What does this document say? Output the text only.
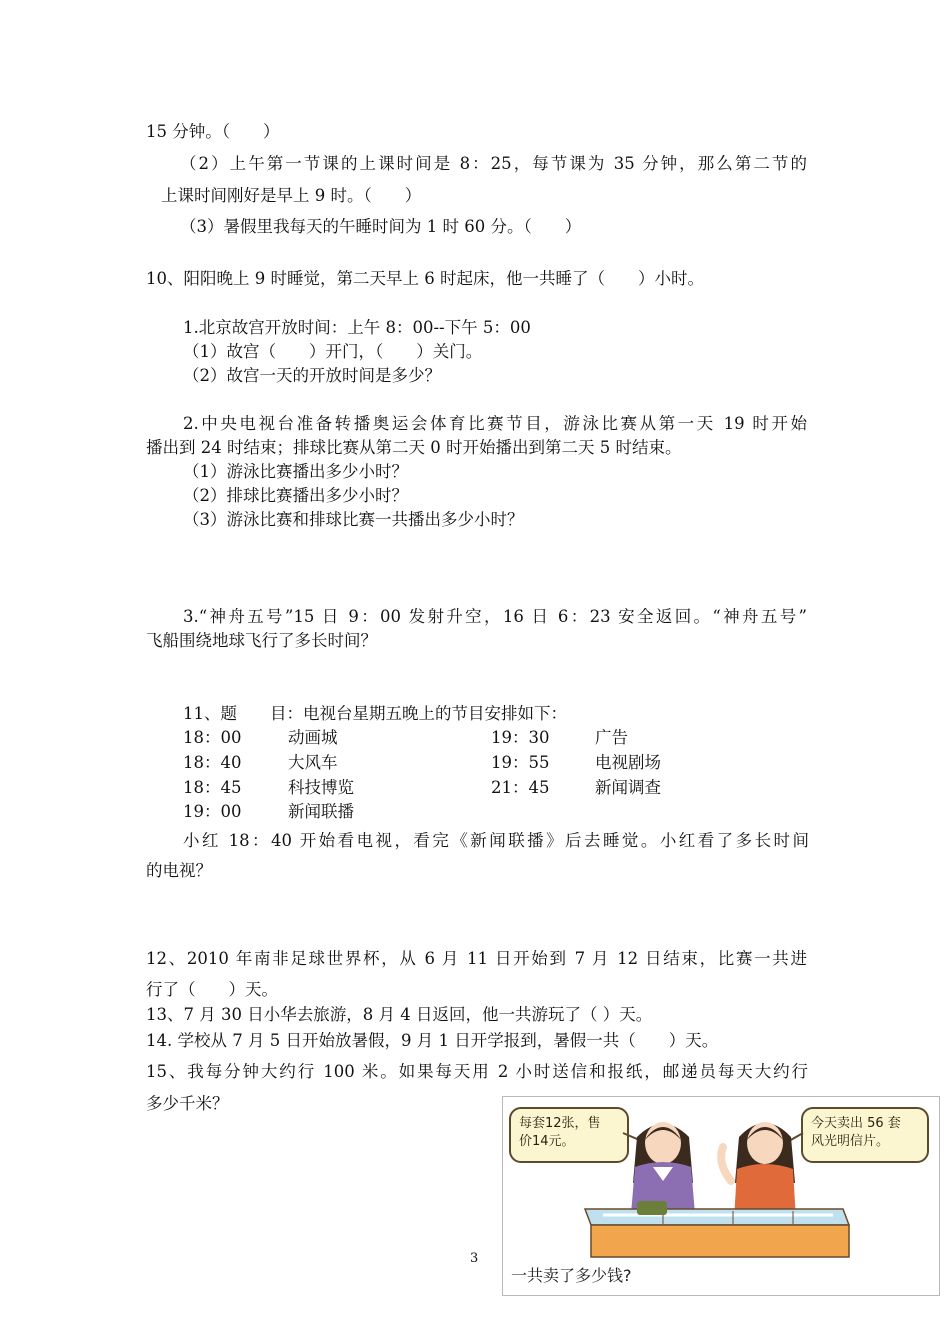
15 分钟。（　　）
（2）上午第一节课的上课时间是 8：25，每节课为 35 分钟，那么第二节的
上课时间刚好是早上 9 时。（　　）
（3）暑假里我每天的午睡时间为 1 时 60 分。（　　）
10、阳阳晚上 9 时睡觉，第二天早上 6 时起床，他一共睡了（　　）小时。
1.北京故宫开放时间：上午 8：00--下午 5：00
（1）故宫（　　）开门，（　　）关门。
（2）故宫一天的开放时间是多少？
2.中央电视台准备转播奥运会体育比赛节目，游泳比赛从第一天 19 时开始
播出到 24 时结束；排球比赛从第二天 0 时开始播出到第二天 5 时结束。
（1）游泳比赛播出多少小时？
（2）排球比赛播出多少小时？
（3）游泳比赛和排球比赛一共播出多少小时？
3.“神舟五号”15 日 9：00 发射升空，16 日 6：23 安全返回。“神舟五号”
飞船围绕地球飞行了多长时间？
11、题　　目：电视台星期五晚上的节目安排如下：
18：00	动画城
18：40	大风车
18：45	科技博览
19：00	新闻联播
19：30	广告
19：55	电视剧场
21：45	新闻调查
小红 18：40 开始看电视，看完《新闻联播》后去睡觉。小红看了多长时间
的电视？
12、2010 年南非足球世界杯，从 6 月 11 日开始到 7 月 12 日结束，比赛一共进
行了（　　）天。
13、7 月 30 日小华去旅游，8 月 4 日返回，他一共游玩了（ ）天。
14. 学校从 7 月 5 日开始放暑假，9 月 1 日开学报到，暑假一共（　　）天。
15、我每分钟大约行 100 米。如果每天用 2 小时送信和报纸，邮递员每天大约行
多少千米？
3
每套12张，售
价14元。
今天卖出 56 套
风光明信片。
一共卖了多少钱?
